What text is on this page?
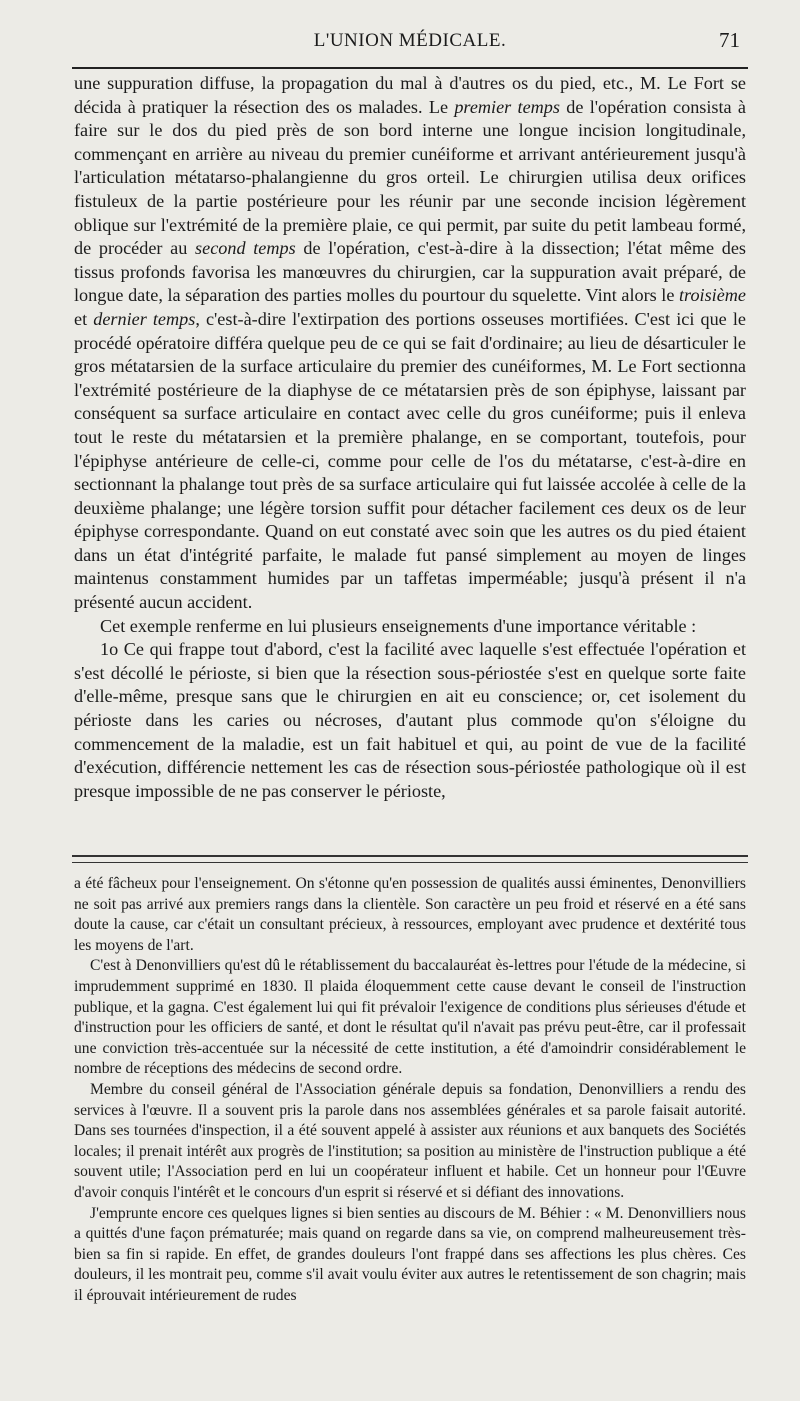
L'UNION MÉDICALE.	71

une suppuration diffuse, la propagation du mal à d'autres os du pied, etc., M. Le Fort se décida à pratiquer la résection des os malades. Le premier temps de l'opération consista à faire sur le dos du pied près de son bord interne une longue incision longitudinale, commençant en arrière au niveau du premier cunéiforme et arrivant antérieurement jusqu'à l'articulation métatarso-phalangienne du gros orteil. Le chirurgien utilisa deux orifices fistuleux de la partie postérieure pour les réunir par une seconde incision légèrement oblique sur l'extrémité de la première plaie, ce qui permit, par suite du petit lambeau formé, de procéder au second temps de l'opération, c'est-à-dire à la dissection; l'état même des tissus profonds favorisa les manœuvres du chirurgien, car la suppuration avait préparé, de longue date, la séparation des parties molles du pourtour du squelette. Vint alors le troisième et dernier temps, c'est-à-dire l'extirpation des portions osseuses mortifiées. C'est ici que le procédé opératoire différa quelque peu de ce qui se fait d'ordinaire; au lieu de désarticuler le gros métatarsien de la surface articulaire du premier des cunéiformes, M. Le Fort sectionna l'extrémité postérieure de la diaphyse de ce métatarsien près de son épiphyse, laissant par conséquent sa surface articulaire en contact avec celle du gros cunéiforme; puis il enleva tout le reste du métatarsien et la première phalange, en se comportant, toutefois, pour l'épiphyse antérieure de celle-ci, comme pour celle de l'os du métatarse, c'est-à-dire en sectionnant la phalange tout près de sa surface articulaire qui fut laissée accolée à celle de la deuxième phalange; une légère torsion suffit pour détacher facilement ces deux os de leur épiphyse correspondante. Quand on eut constaté avec soin que les autres os du pied étaient dans un état d'intégrité parfaite, le malade fut pansé simplement au moyen de linges maintenus constamment humides par un taffetas imperméable; jusqu'à présent il n'a présenté aucun accident.

Cet exemple renferme en lui plusieurs enseignements d'une importance véritable :

1o Ce qui frappe tout d'abord, c'est la facilité avec laquelle s'est effectuée l'opération et s'est décollé le périoste, si bien que la résection sous-périostée s'est en quelque sorte faite d'elle-même, presque sans que le chirurgien en ait eu conscience; or, cet isolement du périoste dans les caries ou nécroses, d'autant plus commode qu'on s'éloigne du commencement de la maladie, est un fait habituel et qui, au point de vue de la facilité d'exécution, différencie nettement les cas de résection sous-périostée pathologique où il est presque impossible de ne pas conserver le périoste,

a été fâcheux pour l'enseignement. On s'étonne qu'en possession de qualités aussi éminentes, Denonvilliers ne soit pas arrivé aux premiers rangs dans la clientèle. Son caractère un peu froid et réservé en a été sans doute la cause, car c'était un consultant précieux, à ressources, employant avec prudence et dextérité tous les moyens de l'art.

C'est à Denonvilliers qu'est dû le rétablissement du baccalauréat ès-lettres pour l'étude de la médecine, si imprudemment supprimé en 1830. Il plaida éloquemment cette cause devant le conseil de l'instruction publique, et la gagna. C'est également lui qui fit prévaloir l'exigence de conditions plus sérieuses d'étude et d'instruction pour les officiers de santé, et dont le résultat qu'il n'avait pas prévu peut-être, car il professait une conviction très-accentuée sur la nécessité de cette institution, a été d'amoindrir considérablement le nombre de réceptions des médecins de second ordre.

Membre du conseil général de l'Association générale depuis sa fondation, Denonvilliers a rendu des services à l'œuvre. Il a souvent pris la parole dans nos assemblées générales et sa parole faisait autorité. Dans ses tournées d'inspection, il a été souvent appelé à assister aux réunions et aux banquets des Sociétés locales; il prenait intérêt aux progrès de l'institution; sa position au ministère de l'instruction publique a été souvent utile; l'Association perd en lui un coopérateur influent et habile. Cet un honneur pour l'Œuvre d'avoir conquis l'intérêt et le concours d'un esprit si réservé et si défiant des innovations.

J'emprunte encore ces quelques lignes si bien senties au discours de M. Béhier : « M. Denonvilliers nous a quittés d'une façon prématurée; mais quand on regarde dans sa vie, on comprend malheureusement très-bien sa fin si rapide. En effet, de grandes douleurs l'ont frappé dans ses affections les plus chères. Ces douleurs, il les montrait peu, comme s'il avait voulu éviter aux autres le retentissement de son chagrin; mais il éprouvait intérieurement de rudes
